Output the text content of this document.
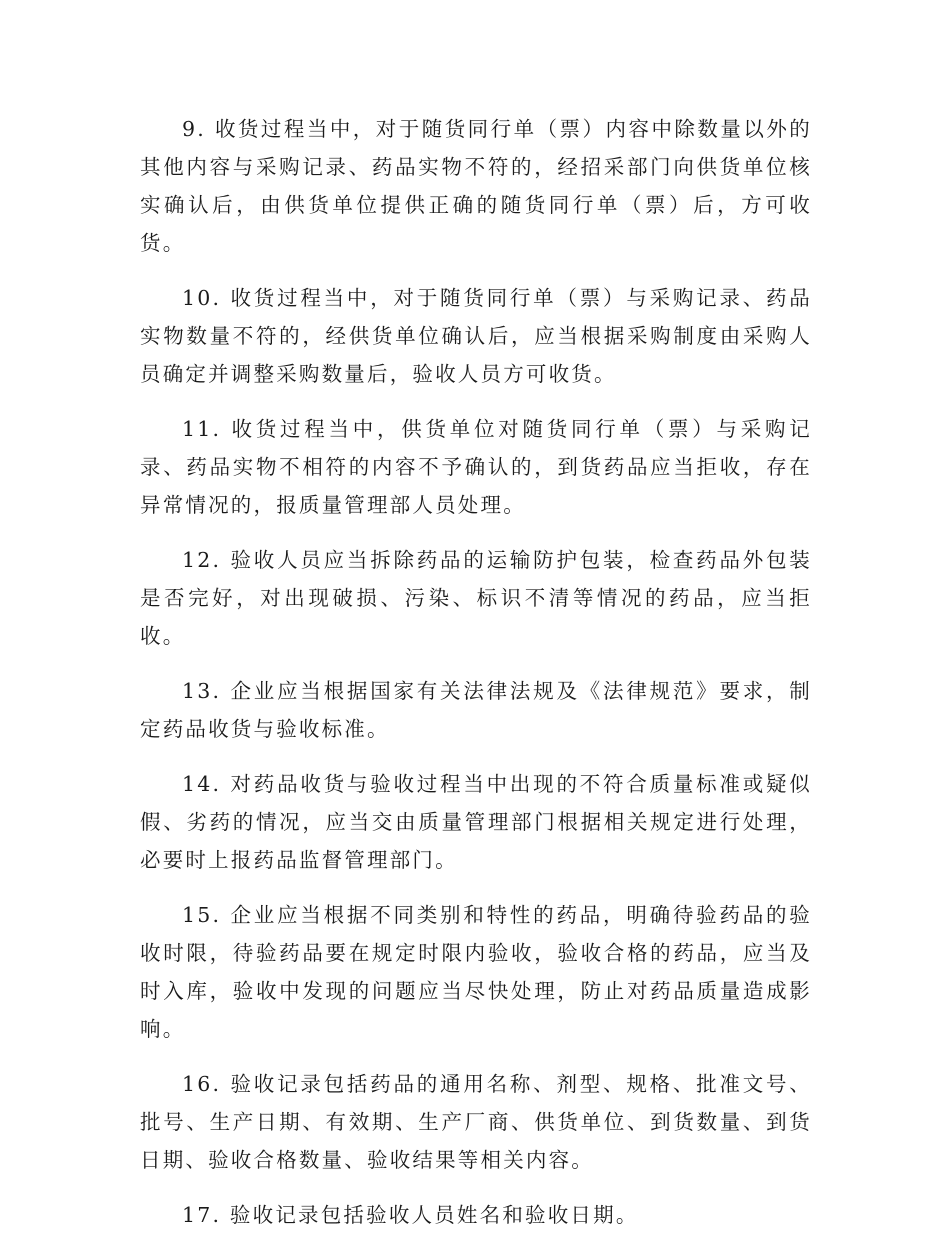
9. 收货过程当中，对于随货同行单（票）内容中除数量以外的其他内容与采购记录、药品实物不符的，经招采部门向供货单位核实确认后，由供货单位提供正确的随货同行单（票）后，方可收货。

10. 收货过程当中，对于随货同行单（票）与采购记录、药品实物数量不符的，经供货单位确认后，应当根据采购制度由采购人员确定并调整采购数量后，验收人员方可收货。

11. 收货过程当中，供货单位对随货同行单（票）与采购记录、药品实物不相符的内容不予确认的，到货药品应当拒收，存在异常情况的，报质量管理部人员处理。

12. 验收人员应当拆除药品的运输防护包装，检查药品外包装是否完好，对出现破损、污染、标识不清等情况的药品，应当拒收。

13. 企业应当根据国家有关法律法规及《法律规范》要求，制定药品收货与验收标准。

14. 对药品收货与验收过程当中出现的不符合质量标准或疑似假、劣药的情况，应当交由质量管理部门根据相关规定进行处理，必要时上报药品监督管理部门。

15. 企业应当根据不同类别和特性的药品，明确待验药品的验收时限，待验药品要在规定时限内验收，验收合格的药品，应当及时入库，验收中发现的问题应当尽快处理，防止对药品质量造成影响。

16. 验收记录包括药品的通用名称、剂型、规格、批准文号、批号、生产日期、有效期、生产厂商、供货单位、到货数量、到货日期、验收合格数量、验收结果等相关内容。

17. 验收记录包括验收人员姓名和验收日期。
